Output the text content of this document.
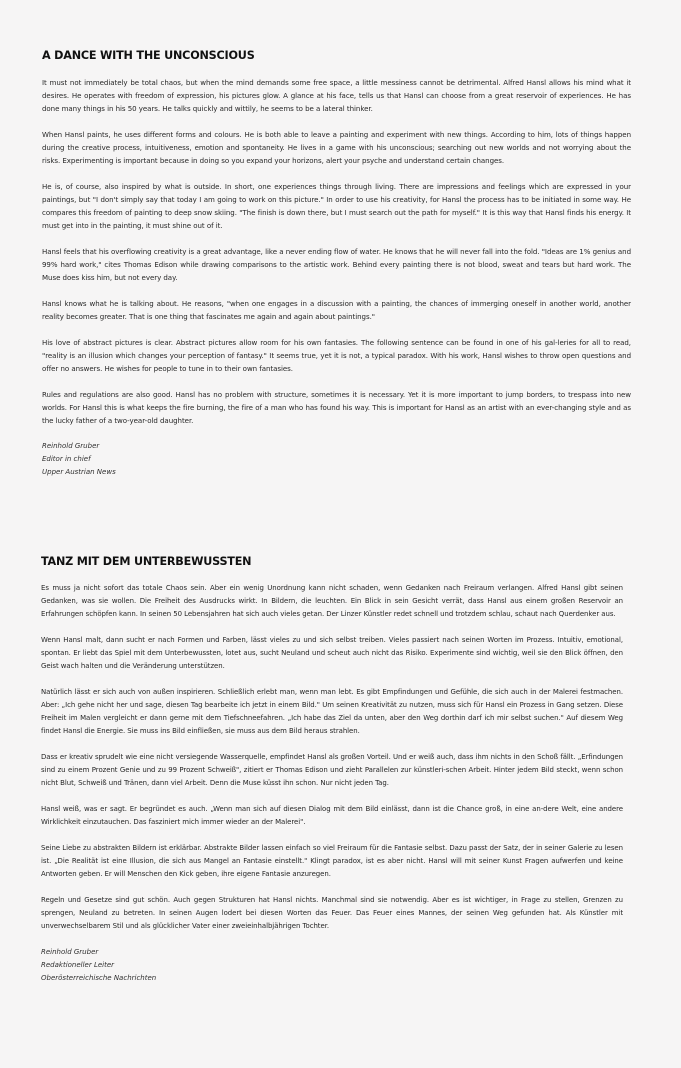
A DANCE WITH THE UNCONSCIOUS

It must not immediately be total chaos, but when the mind demands some free space, a little messiness cannot be detrimental. Alfred Hansl allows his mind what it desires. He operates with freedom of expression, his pictures glow. A glance at his face, tells us that Hansl can choose from a great reservoir of experiences. He has done many things in his 50 years. He talks quickly and wittily, he seems to be a lateral thinker.

When Hansl paints, he uses different forms and colours. He is both able to leave a painting and experiment with new things. According to him, lots of things happen during the creative process, intuitiveness, emotion and spontaneity. He lives in a game with his unconscious; searching out new worlds and not worrying about the risks. Experimenting is important because in doing so you expand your horizons, alert your psyche and understand certain changes.

He is, of course, also inspired by what is outside. In short, one experiences things through living. There are impressions and feelings which are expressed in your paintings, but "I don't simply say that today I am going to work on this picture." In order to use his creativity, for Hansl the process has to be initiated in some way. He compares this freedom of painting to deep snow skiing. "The finish is down there, but I must search out the path for myself." It is this way that Hansl finds his energy. It must get into in the painting, it must shine out of it.

Hansl feels that his overflowing creativity is a great advantage, like a never ending flow of water. He knows that he will never fall into the fold. "Ideas are 1% genius and 99% hard work," cites Thomas Edison while drawing comparisons to the artistic work. Behind every painting there is not blood, sweat and tears but hard work. The Muse does kiss him, but not every day.

Hansl knows what he is talking about. He reasons, "when one engages in a discussion with a painting, the chances of immerging oneself in another world, another reality becomes greater. That is one thing that fascinates me again and again about paintings."

His love of abstract pictures is clear. Abstract pictures allow room for his own fantasies. The following sentence can be found in one of his gal-leries for all to read, "reality is an illusion which changes your perception of fantasy." It seems true, yet it is not, a typical paradox. With his work, Hansl wishes to throw open questions and offer no answers. He wishes for people to tune in to their own fantasies.

Rules and regulations are also good. Hansl has no problem with structure, sometimes it is necessary. Yet it is more important to jump borders, to trespass into new worlds. For Hansl this is what keeps the fire burning, the fire of a man who has found his way. This is important for Hansl as an artist with an ever-changing style and as the lucky father of a two-year-old daughter.

Reinhold Gruber
Editor in chief
Upper Austrian News
TANZ MIT DEM UNTERBEWUSSTEN

Es muss ja nicht sofort das totale Chaos sein. Aber ein wenig Unordnung kann nicht schaden, wenn Gedanken nach Freiraum verlangen. Alfred Hansl gibt seinen Gedanken, was sie wollen. Die Freiheit des Ausdrucks wirkt. In Bildern, die leuchten. Ein Blick in sein Gesicht verrät, dass Hansl aus einem großen Reservoir an Erfahrungen schöpfen kann. In seinen 50 Lebensjahren hat sich auch vieles getan. Der Linzer Künstler redet schnell und trotzdem schlau, schaut nach Querdenker aus.

Wenn Hansl malt, dann sucht er nach Formen und Farben, lässt vieles zu und sich selbst treiben. Vieles passiert nach seinen Worten im Prozess. Intuitiv, emotional, spontan. Er liebt das Spiel mit dem Unterbewussten, lotet aus, sucht Neuland und scheut auch nicht das Risiko. Experimente sind wichtig, weil sie den Blick öffnen, den Geist wach halten und die Veränderung unterstützen.

Natürlich lässt er sich auch von außen inspirieren. Schließlich erlebt man, wenn man lebt. Es gibt Empfindungen und Gefühle, die sich auch in der Malerei festmachen. Aber: „Ich gehe nicht her und sage, diesen Tag bearbeite ich jetzt in einem Bild." Um seinen Kreativität zu nutzen, muss sich für Hansl ein Prozess in Gang setzen. Diese Freiheit im Malen vergleicht er dann gerne mit dem Tiefschneefahren. „Ich habe das Ziel da unten, aber den Weg dorthin darf ich mir selbst suchen." Auf diesem Weg findet Hansl die Energie. Sie muss ins Bild einfließen, sie muss aus dem Bild heraus strahlen.

Dass er kreativ sprudelt wie eine nicht versiegende Wasserquelle, empfindet Hansl als großen Vorteil. Und er weiß auch, dass ihm nichts in den Schoß fällt. „Erfindungen sind zu einem Prozent Genie und zu 99 Prozent Schweiß", zitiert er Thomas Edison und zieht Parallelen zur künstleri-schen Arbeit. Hinter jedem Bild steckt, wenn schon nicht Blut, Schweiß und Tränen, dann viel Arbeit. Denn die Muse küsst ihn schon. Nur nicht jeden Tag.

Hansl weiß, was er sagt. Er begründet es auch. „Wenn man sich auf diesen Dialog mit dem Bild einlässt, dann ist die Chance groß, in eine an-dere Welt, eine andere Wirklichkeit einzutauchen. Das fasziniert mich immer wieder an der Malerei".

Seine Liebe zu abstrakten Bildern ist erklärbar. Abstrakte Bilder lassen einfach so viel Freiraum für die Fantasie selbst. Dazu passt der Satz, der in seiner Galerie zu lesen ist. „Die Realität ist eine Illusion, die sich aus Mangel an Fantasie einstellt." Klingt paradox, ist es aber nicht. Hansl will mit seiner Kunst Fragen aufwerfen und keine Antworten geben. Er will Menschen den Kick geben, ihre eigene Fantasie anzuregen.

Regeln und Gesetze sind gut schön. Auch gegen Strukturen hat Hansl nichts. Manchmal sind sie notwendig. Aber es ist wichtiger, in Frage zu stellen, Grenzen zu sprengen, Neuland zu betreten. In seinen Augen lodert bei diesen Worten das Feuer. Das Feuer eines Mannes, der seinen Weg gefunden hat. Als Künstler mit unverwechselbarem Stil und als glücklicher Vater einer zweieinhalbjährigen Tochter.

Reinhold Gruber
Redaktioneller Leiter
Oberösterreichische Nachrichten
